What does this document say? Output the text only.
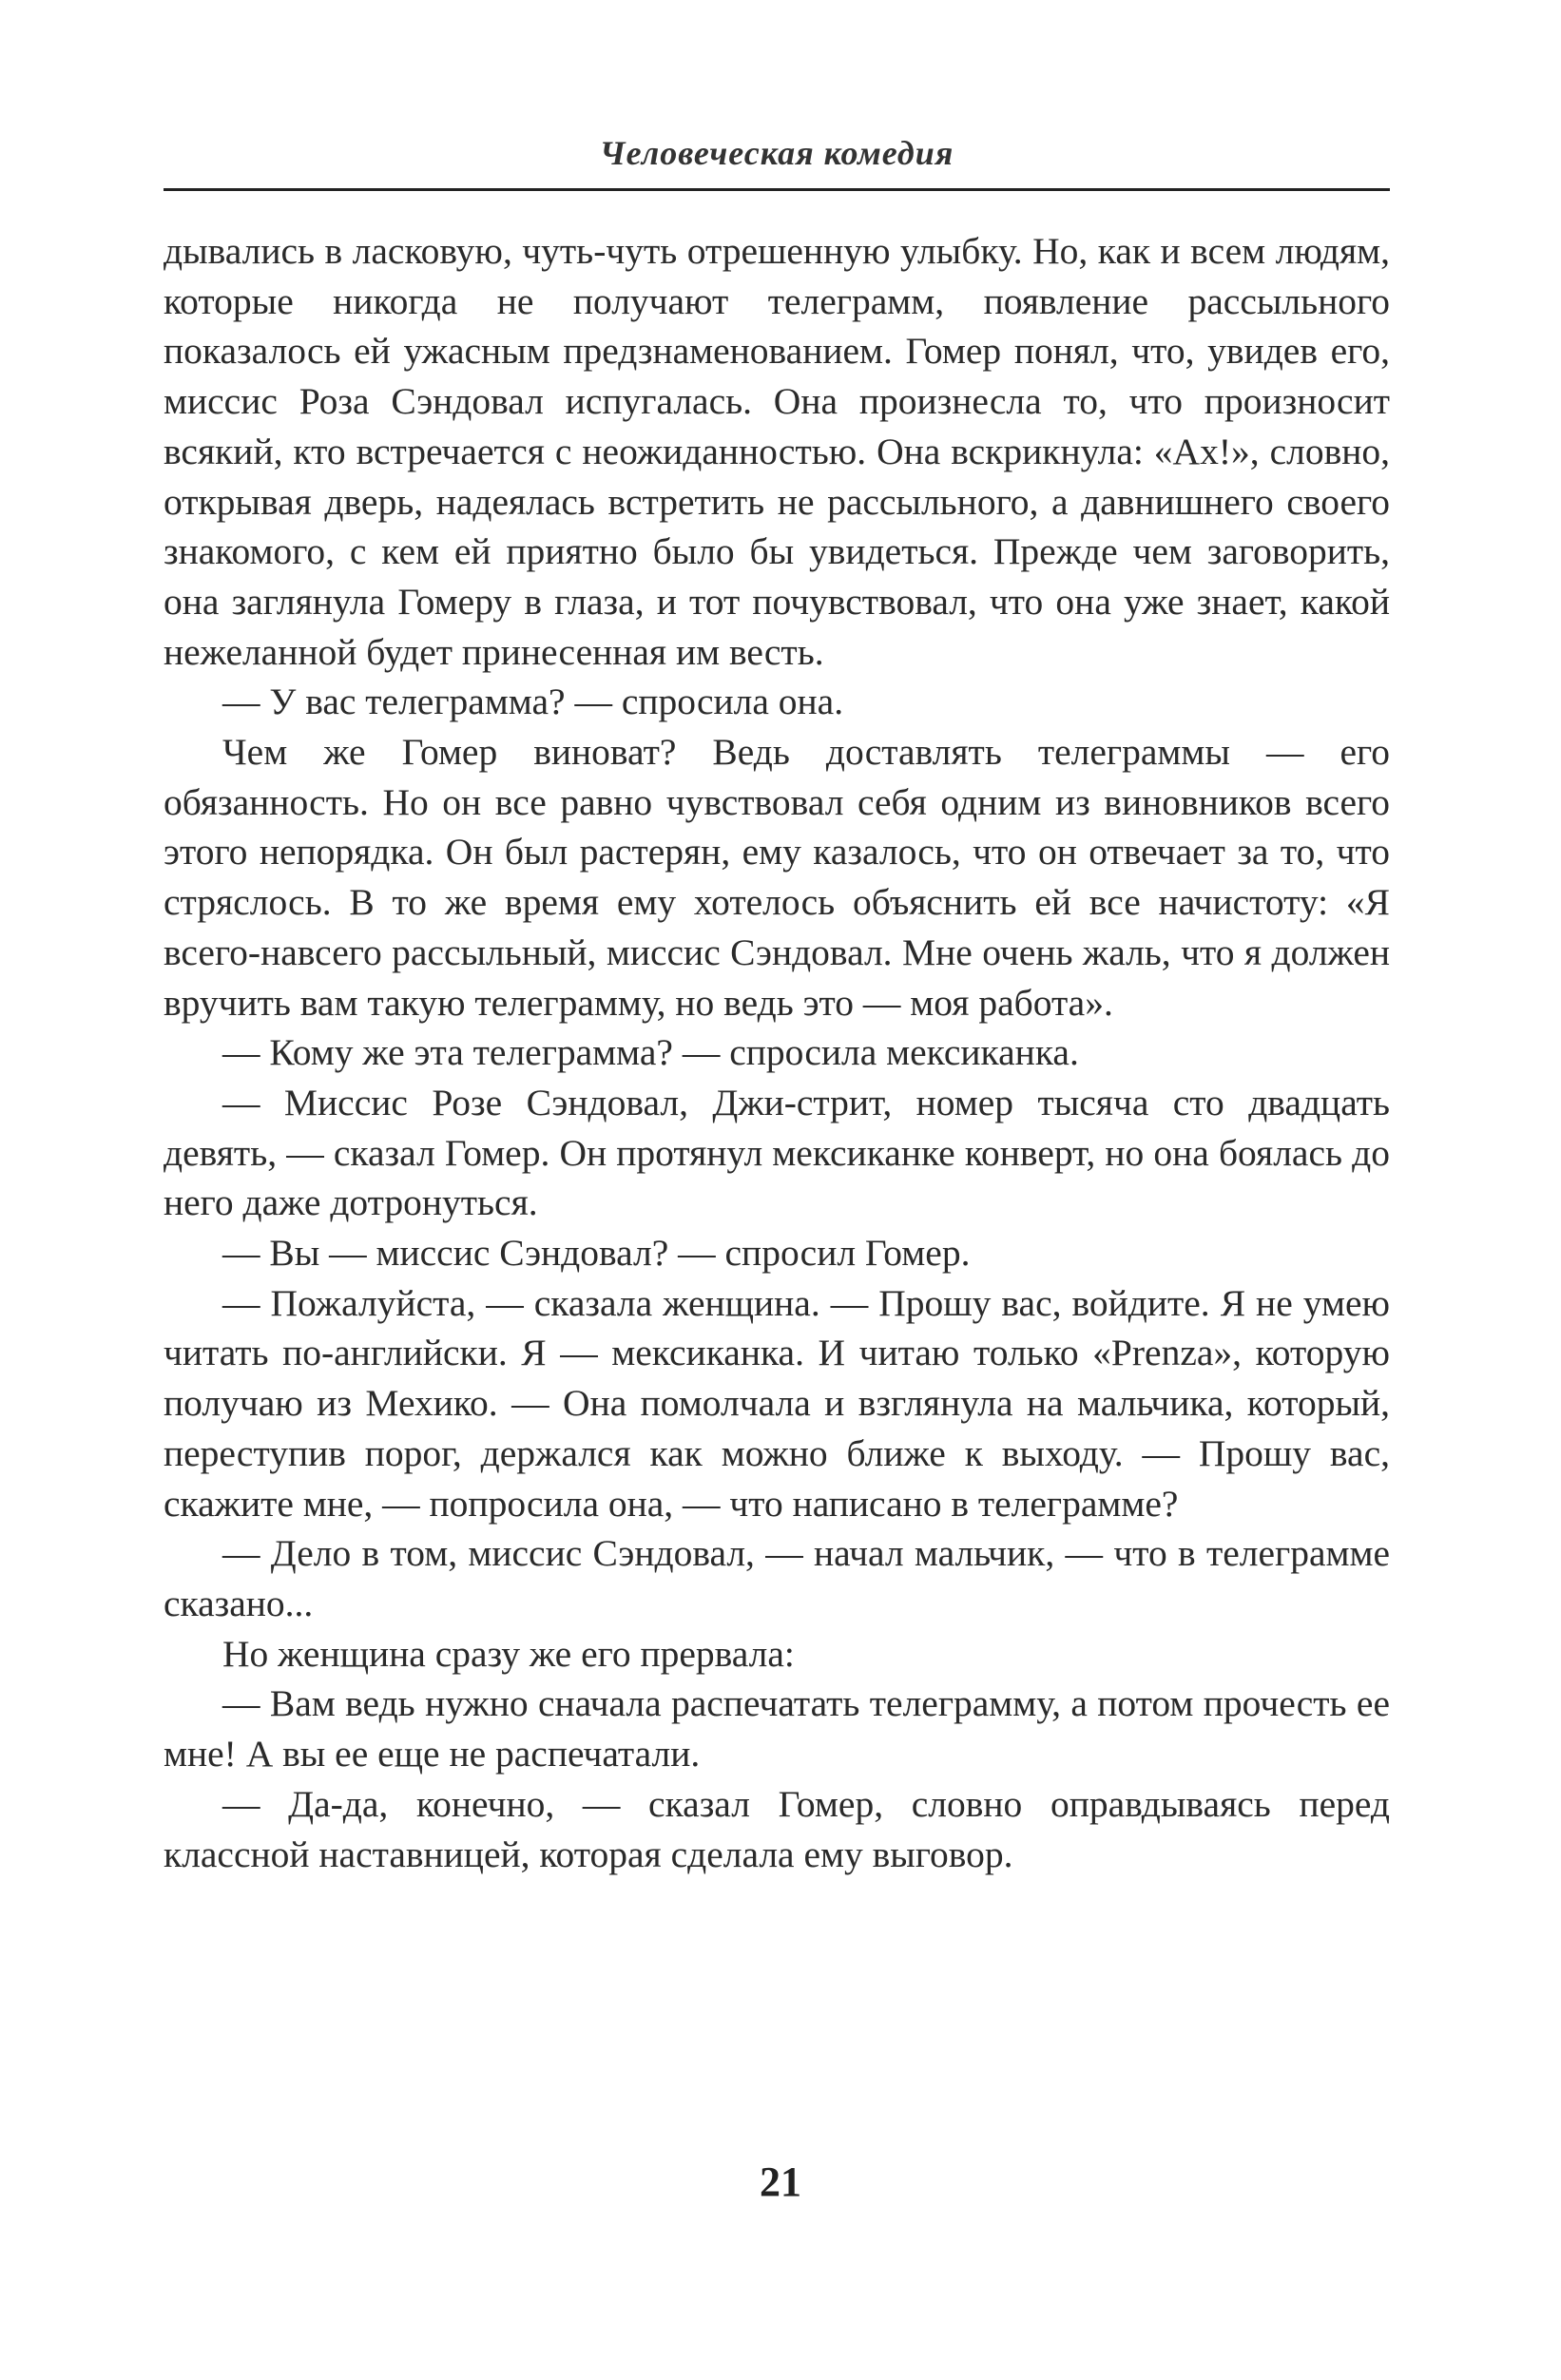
Человеческая комедия

дывались в ласковую, чуть-чуть отрешенную улыбку. Но, как и всем людям, которые никогда не получают телеграмм, появление рассыльного показалось ей ужасным предзнаменованием. Гомер понял, что, увидев его, миссис Роза Сэндовал испугалась. Она произнесла то, что произносит всякий, кто встречается с неожиданностью. Она вскрикнула: «Ах!», словно, открывая дверь, надеялась встретить не рассыльного, а давнишнего своего знакомого, с кем ей приятно было бы увидеться. Прежде чем заговорить, она заглянула Гомеру в глаза, и тот почувствовал, что она уже знает, какой нежеланной будет принесенная им весть.

— У вас телеграмма? — спросила она.

Чем же Гомер виноват? Ведь доставлять телеграммы — его обязанность. Но он все равно чувствовал себя одним из виновников всего этого непорядка. Он был растерян, ему казалось, что он отвечает за то, что стряслось. В то же время ему хотелось объяснить ей все начистоту: «Я всего-навсего рассыльный, миссис Сэндовал. Мне очень жаль, что я должен вручить вам такую телеграмму, но ведь это — моя работа».

— Кому же эта телеграмма? — спросила мексиканка.

— Миссис Розе Сэндовал, Джи-стрит, номер тысяча сто двадцать девять, — сказал Гомер. Он протянул мексиканке конверт, но она боялась до него даже дотронуться.

— Вы — миссис Сэндовал? — спросил Гомер.

— Пожалуйста, — сказала женщина. — Прошу вас, войдите. Я не умею читать по-английски. Я — мексиканка. И читаю только «Prenza», которую получаю из Мехико. — Она помолчала и взглянула на мальчика, который, переступив порог, держался как можно ближе к выходу. — Прошу вас, скажите мне, — попросила она, — что написано в телеграмме?

— Дело в том, миссис Сэндовал, — начал мальчик, — что в телеграмме сказано...

Но женщина сразу же его прервала:

— Вам ведь нужно сначала распечатать телеграмму, а потом прочесть ее мне! А вы ее еще не распечатали.

— Да-да, конечно, — сказал Гомер, словно оправдываясь перед классной наставницей, которая сделала ему выговор.

21
